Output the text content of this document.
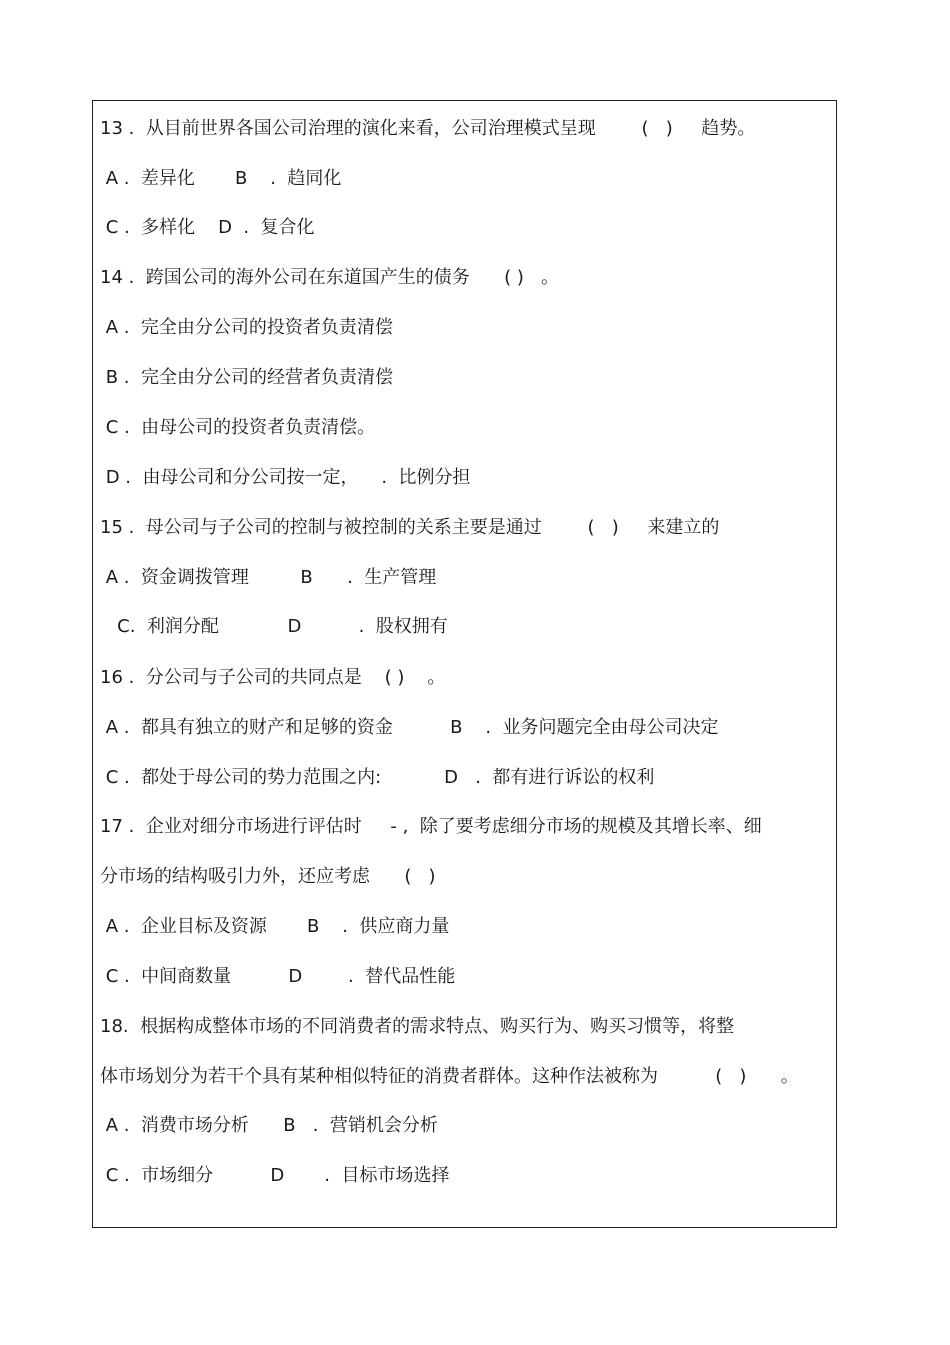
13 .  从目前世界各国公司治理的演化来看，公司治理模式呈现        (   )     趋势。
A .  差异化       B    .  趋同化
C .  多样化    D  .  复合化
14 .  跨国公司的海外公司在东道国产生的债务      ( )   。
A .  完全由分公司的投资者负责清偿
B .  完全由分公司的经营者负责清偿
C .  由母公司的投资者负责清偿。
D .  由母公司和分公司按一定，    .  比例分担
15 .  母公司与子公司的控制与被控制的关系主要是通过        (   )     来建立的
A .  资金调拨管理         B      .  生产管理
C.  利润分配            D          .  股权拥有
16 .  分公司与子公司的共同点是    ( )    。
A .  都具有独立的财产和足够的资金          B    .  业务问题完全由母公司决定
C .  都处于母公司的势力范围之内:           D   .  都有进行诉讼的权利
17 .  企业对细分市场进行评估时     - ,  除了要考虑细分市场的规模及其增长率、细
分市场的结构吸引力外，还应考虑      (   )
A .  企业目标及资源       B    .  供应商力量
C .  中间商数量          D        .  替代品性能
18.  根据构成整体市场的不同消费者的需求特点、购买行为、购买习惯等，将整
体市场划分为若干个具有某种相似特征的消费者群体。这种作法被称为          (   )      。
A .  消费市场分析      B   .  营销机会分析
C .  市场细分          D       .  目标市场选择
